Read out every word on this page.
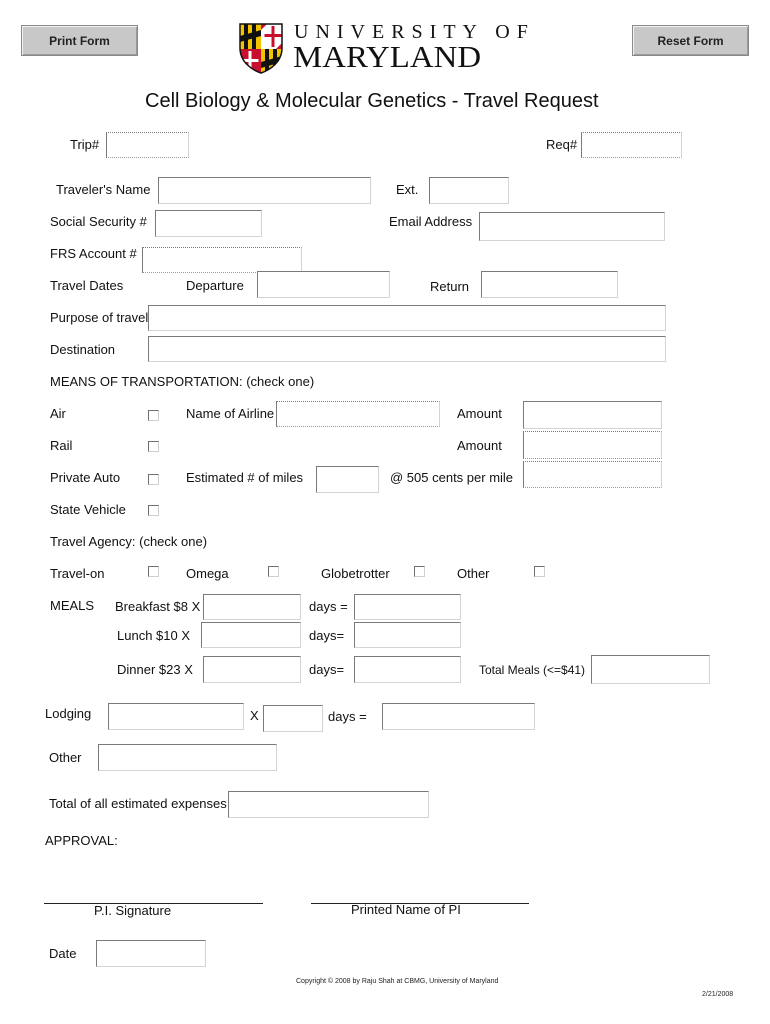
Print Form	Reset Form
UNIVERSITY OF
MARYLAND
Cell Biology & Molecular Genetics - Travel Request
Trip#	Req#
Traveler's Name	Ext.
Social Security #	Email Address
FRS Account #
Travel Dates	Departure	Return
Purpose of travel
Destination
MEANS OF TRANSPORTATION: (check one)
Air	Name of Airline	Amount
Rail	Amount
Private Auto	Estimated # of miles	@ 505 cents per mile
State Vehicle
Travel Agency: (check one)
Travel-on	Omega	Globetrotter	Other
MEALS Breakfast $8 X	days =
Lunch $10 X	days=
Dinner $23 X	days=	Total Meals (<=$41)
Lodging	X	days =
Other
Total of all estimated expenses
APPROVAL:
P.I. Signature	Printed Name of PI
Date
Copyright © 2008 by Raju Shah at CBMG, University of Maryland
2/21/2008
